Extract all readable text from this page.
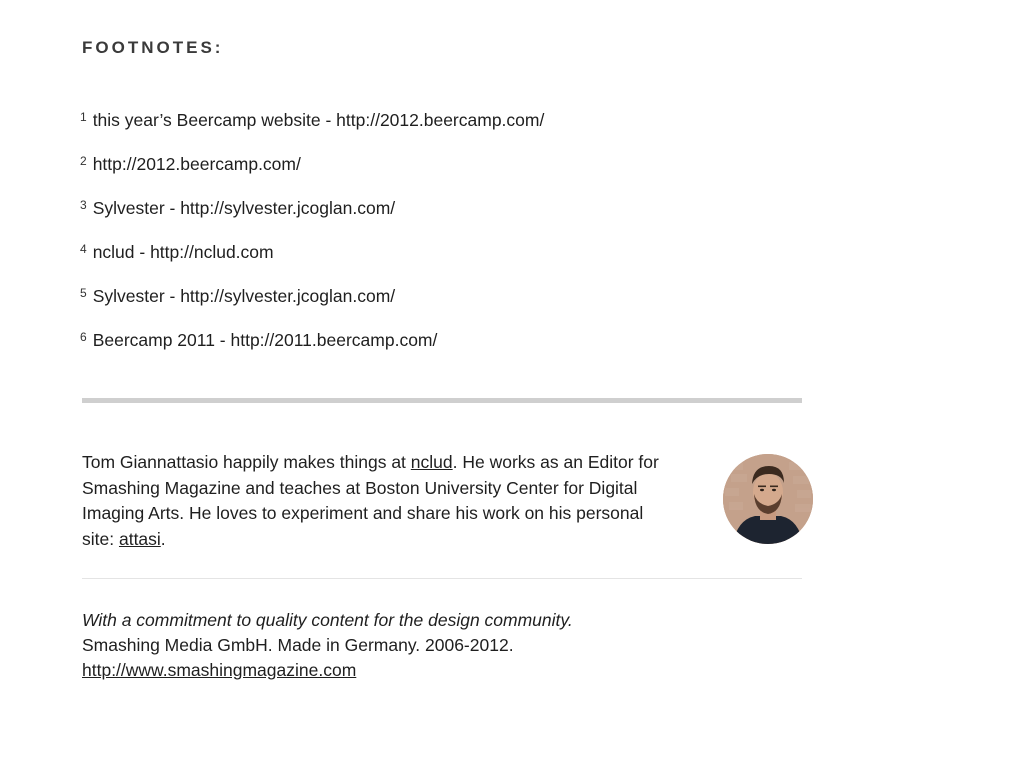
FOOTNOTES:
$^1$ this year’s Beercamp website - http://2012.beercamp.com/
$^2$ http://2012.beercamp.com/
$^3$ Sylvester - http://sylvester.jcoglan.com/
$^4$ nclud - http://nclud.com
$^5$ Sylvester - http://sylvester.jcoglan.com/
$^6$ Beercamp 2011 - http://2011.beercamp.com/

Tom Giannattasio happily makes things at nclud. He works as an Editor for Smashing Magazine and teaches at Boston University Center for Digital Imaging Arts. He loves to experiment and share his work on his personal site: attasi.

With a commitment to quality content for the design community.
Smashing Media GmbH. Made in Germany. 2006-2012.
http://www.smashingmagazine.com
